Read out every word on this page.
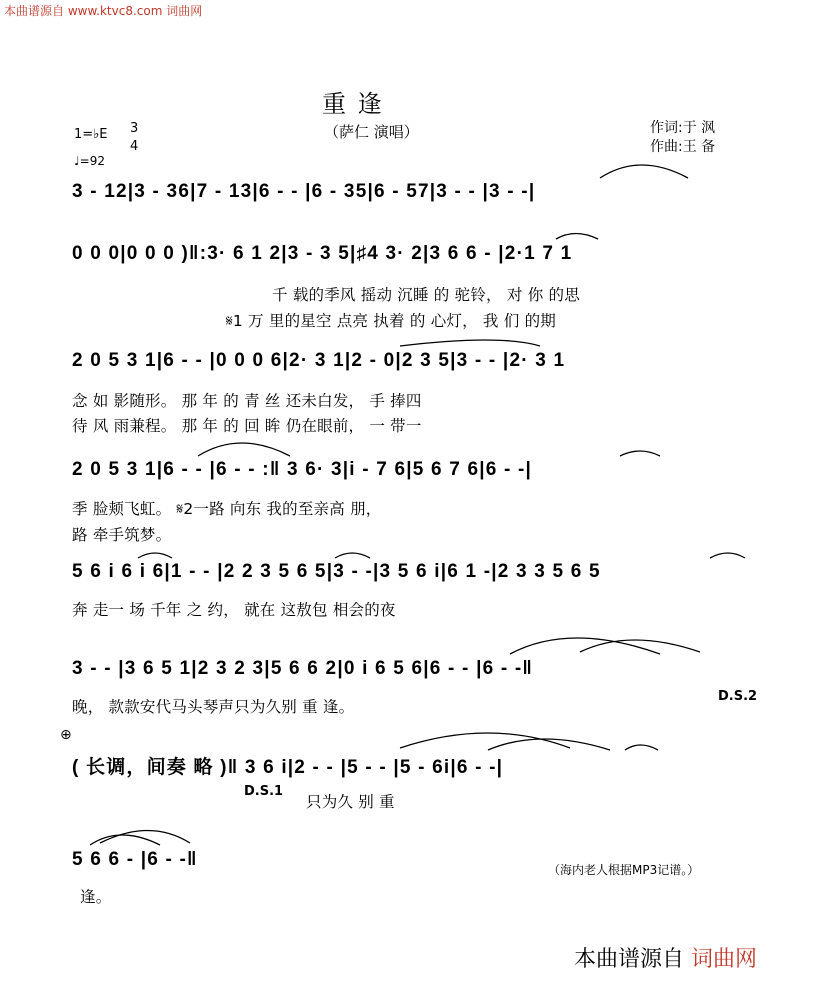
本曲谱源自 www.ktvc8.com 词曲网
重 逢
（萨仁 演唱）	作词:于 沨
作曲:王 备
1=♭E 3
4
♩=92
3 - 12|3 - 36|7 - 13|6 - - |6 - 35|6 - 57|3 - - |3 - -|
0 0 0|0 0 0 )‖:3· 6 1 2|3 - 3 5|♯4 3· 2|3 6 6 - |2·1 7 1
千 载的季风 摇动 沉睡 的 驼铃， 对 你 的思
𝄋1 万 里的星空 点亮 执着 的 心灯， 我 们 的期
2 0 5 3 1|6 - - |0 0 0 6|2· 3 1|2 - 0|2 3 5|3 - - |2· 3 1
念 如 影随形。 那 年 的 青 丝 还未白发， 手 捧四
待 风 雨兼程。 那 年 的 回 眸 仍在眼前， 一 带一
2 0 5 3 1|6 - - |6 - - :‖ 3 6· 3|i - 7 6|5 6 7 6|6 - -|
季 脸颊飞虹。 𝄋2一路 向东 我的至亲高 朋，
路 牵手筑梦。
5 6 i 6 i 6|1 - - |2 2 3 5 6 5|3 - -|3 5 6 i|6 1 -|2 3 3 5 6 5
奔 走一 场 千年 之 约， 就在 这敖包 相会的夜
3 - - |3 6 5 1|2 3 2 3|5 6 6 2|0 i 6 5 6|6 - - |6 - -‖
晚， 款款安代马头琴声只为久别 重 逢。
D.S.2
⊕
( 长调，间奏 略 )‖ 3 6 i|2 - - |5 - - |5 - 6i|6 - -|
D.S.1
只为久 别 重
5 6 6 - |6 - -‖
逢。
（海内老人根据MP3记谱。）
本曲谱源自 词曲网
